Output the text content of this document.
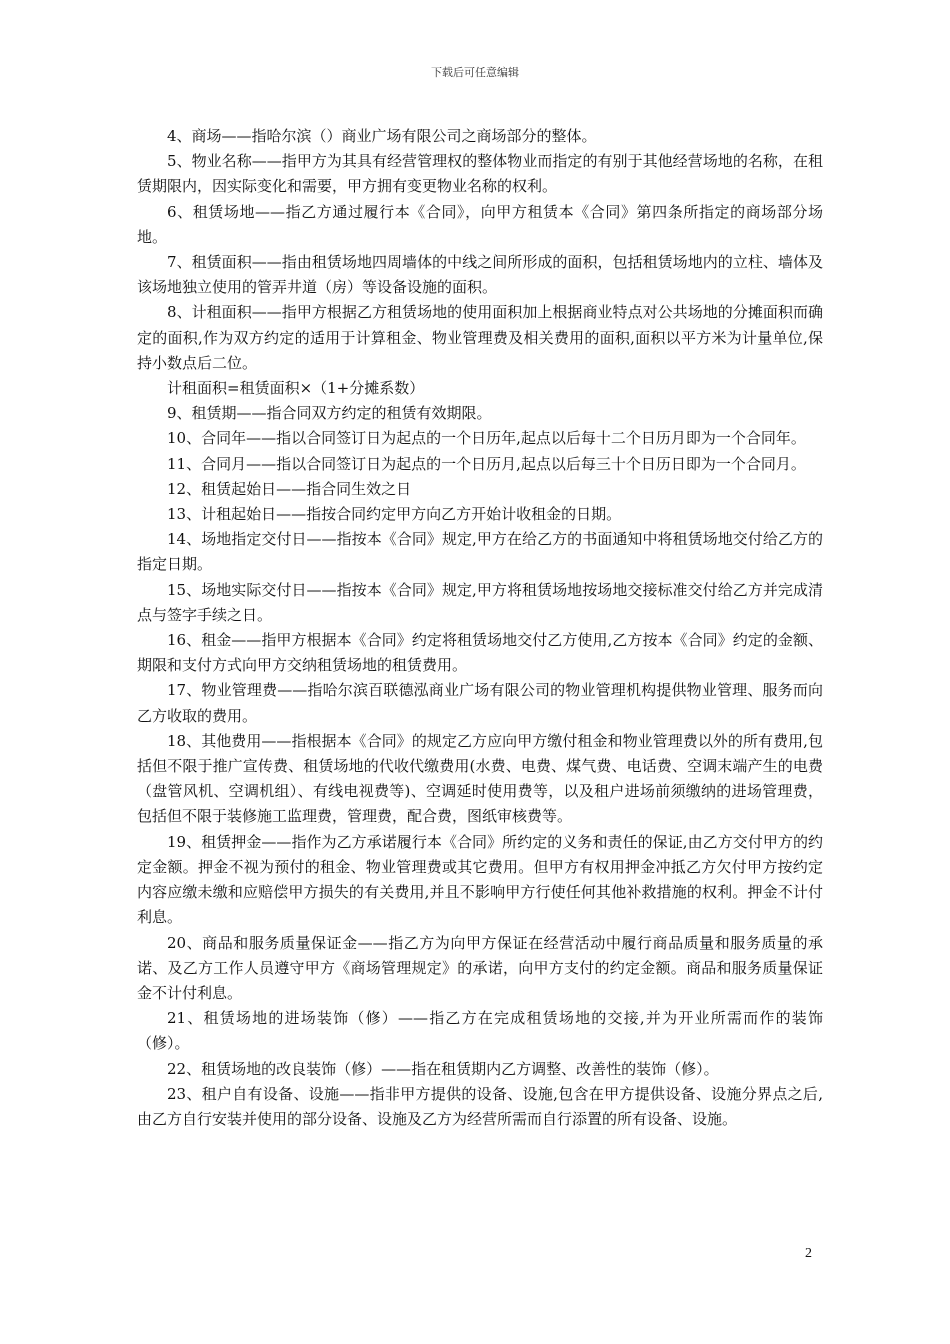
下载后可任意编辑

4、商场——指哈尔滨（）商业广场有限公司之商场部分的整体。

5、物业名称——指甲方为其具有经营管理权的整体物业而指定的有别于其他经营场地的名称，在租赁期限内，因实际变化和需要，甲方拥有变更物业名称的权利。

6、租赁场地——指乙方通过履行本《合同》，向甲方租赁本《合同》第四条所指定的商场部分场地。

7、租赁面积——指由租赁场地四周墙体的中线之间所形成的面积，包括租赁场地内的立柱、墙体及该场地独立使用的管弄井道（房）等设备设施的面积。

8、计租面积——指甲方根据乙方租赁场地的使用面积加上根据商业特点对公共场地的分摊面积而确定的面积,作为双方约定的适用于计算租金、物业管理费及相关费用的面积,面积以平方米为计量单位,保持小数点后二位。

计租面积=租赁面积×（1+分摊系数）

9、租赁期——指合同双方约定的租赁有效期限。

10、合同年——指以合同签订日为起点的一个日历年,起点以后每十二个日历月即为一个合同年。

11、合同月——指以合同签订日为起点的一个日历月,起点以后每三十个日历日即为一个合同月。

12、租赁起始日——指合同生效之日

13、计租起始日——指按合同约定甲方向乙方开始计收租金的日期。

14、场地指定交付日——指按本《合同》规定,甲方在给乙方的书面通知中将租赁场地交付给乙方的指定日期。

15、场地实际交付日——指按本《合同》规定,甲方将租赁场地按场地交接标准交付给乙方并完成清点与签字手续之日。

16、租金——指甲方根据本《合同》约定将租赁场地交付乙方使用,乙方按本《合同》约定的金额、期限和支付方式向甲方交纳租赁场地的租赁费用。

17、物业管理费——指哈尔滨百联德泓商业广场有限公司的物业管理机构提供物业管理、服务而向乙方收取的费用。

18、其他费用——指根据本《合同》的规定乙方应向甲方缴付租金和物业管理费以外的所有费用,包括但不限于推广宣传费、租赁场地的代收代缴费用(水费、电费、煤气费、电话费、空调末端产生的电费（盘管风机、空调机组）、有线电视费等)、空调延时使用费等，以及租户进场前须缴纳的进场管理费，包括但不限于装修施工监理费，管理费，配合费，图纸审核费等。

19、租赁押金——指作为乙方承诺履行本《合同》所约定的义务和责任的保证,由乙方交付甲方的约定金额。押金不视为预付的租金、物业管理费或其它费用。但甲方有权用押金冲抵乙方欠付甲方按约定内容应缴未缴和应赔偿甲方损失的有关费用,并且不影响甲方行使任何其他补救措施的权利。押金不计付利息。

20、商品和服务质量保证金——指乙方为向甲方保证在经营活动中履行商品质量和服务质量的承诺、及乙方工作人员遵守甲方《商场管理规定》的承诺，向甲方支付的约定金额。商品和服务质量保证金不计付利息。

21、租赁场地的进场装饰（修）——指乙方在完成租赁场地的交接,并为开业所需而作的装饰（修）。

22、租赁场地的改良装饰（修）——指在租赁期内乙方调整、改善性的装饰（修）。

23、租户自有设备、设施——指非甲方提供的设备、设施,包含在甲方提供设备、设施分界点之后,由乙方自行安装并使用的部分设备、设施及乙方为经营所需而自行添置的所有设备、设施。

2
